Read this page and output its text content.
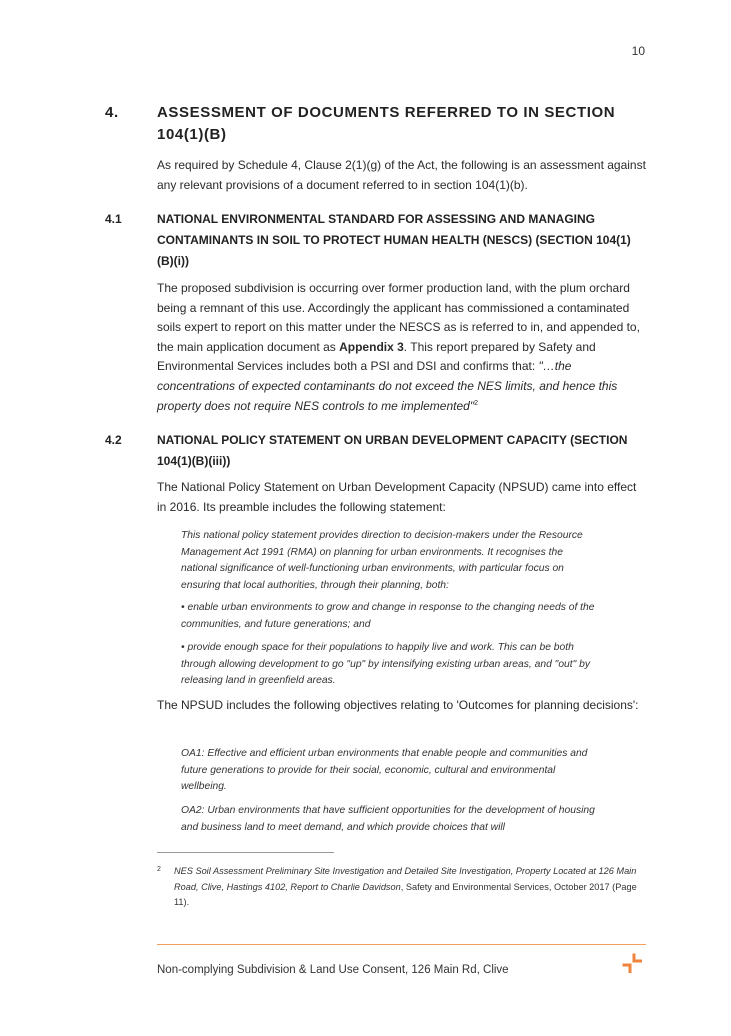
10
4.	ASSESSMENT OF DOCUMENTS REFERRED TO IN SECTION 104(1)(B)
As required by Schedule 4, Clause 2(1)(g) of the Act, the following is an assessment against any relevant provisions of a document referred to in section 104(1)(b).
4.1	NATIONAL ENVIRONMENTAL STANDARD FOR ASSESSING AND MANAGING CONTAMINANTS IN SOIL TO PROTECT HUMAN HEALTH (NESCS) (SECTION 104(1)(B)(i))
The proposed subdivision is occurring over former production land, with the plum orchard being a remnant of this use. Accordingly the applicant has commissioned a contaminated soils expert to report on this matter under the NESCS as is referred to in, and appended to, the main application document as Appendix 3. This report prepared by Safety and Environmental Services includes both a PSI and DSI and confirms that: "…the concentrations of expected contaminants do not exceed the NES limits, and hence this property does not require NES controls to me implemented"$^2$
4.2	NATIONAL POLICY STATEMENT ON URBAN DEVELOPMENT CAPACITY (SECTION 104(1)(B)(iii))
The National Policy Statement on Urban Development Capacity (NPSUD) came into effect in 2016. Its preamble includes the following statement:
This national policy statement provides direction to decision-makers under the Resource Management Act 1991 (RMA) on planning for urban environments. It recognises the national significance of well-functioning urban environments, with particular focus on ensuring that local authorities, through their planning, both:
• enable urban environments to grow and change in response to the changing needs of the communities, and future generations; and
• provide enough space for their populations to happily live and work. This can be both through allowing development to go "up" by intensifying existing urban areas, and "out" by releasing land in greenfield areas.
The NPSUD includes the following objectives relating to 'Outcomes for planning decisions':
OA1: Effective and efficient urban environments that enable people and communities and future generations to provide for their social, economic, cultural and environmental wellbeing.
OA2: Urban environments that have sufficient opportunities for the development of housing and business land to meet demand, and which provide choices that will
2 NES Soil Assessment Preliminary Site Investigation and Detailed Site Investigation, Property Located at 126 Main Road, Clive, Hastings 4102, Report to Charlie Davidson, Safety and Environmental Services, October 2017 (Page 11).
Non-complying Subdivision & Land Use Consent, 126 Main Rd, Clive
